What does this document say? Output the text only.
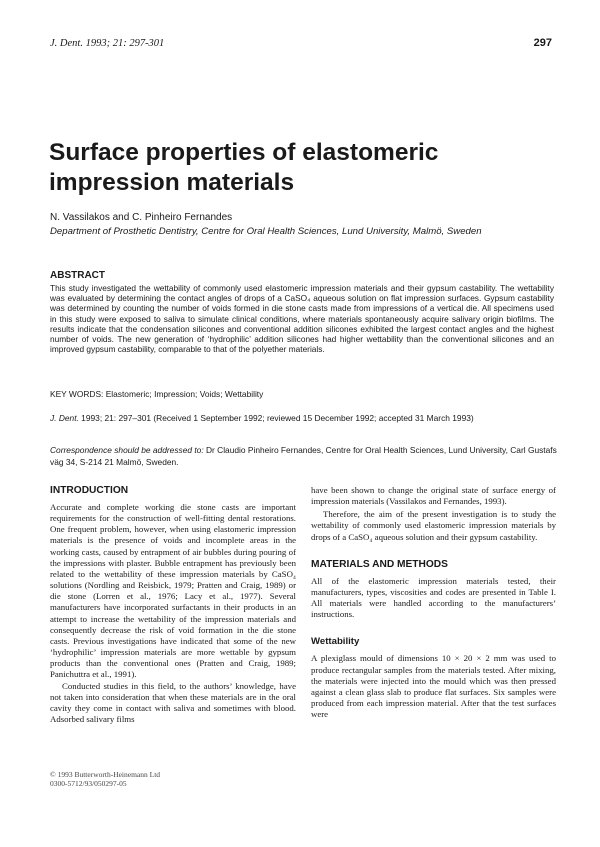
J. Dent. 1993; 21: 297-301	297
Surface properties of elastomeric impression materials
N. Vassilakos and C. Pinheiro Fernandes
Department of Prosthetic Dentistry, Centre for Oral Health Sciences, Lund University, Malmö, Sweden
ABSTRACT

This study investigated the wettability of commonly used elastomeric impression materials and their gypsum castability. The wettability was evaluated by determining the contact angles of drops of a CaSO₄ aqueous solution on flat impression surfaces. Gypsum castability was determined by counting the number of voids formed in die stone casts made from impressions of a vertical die. All specimens used in this study were exposed to saliva to simulate clinical conditions, where materials spontaneously acquire salivary origin biofilms. The results indicate that the condensation silicones and conventional addition silicones exhibited the largest contact angles and the highest number of voids. The new generation of ‘hydrophilic’ addition silicones had higher wettability than the conventional silicones and an improved gypsum castability, comparable to that of the polyether materials.

KEY WORDS: Elastomeric; Impression; Voids; Wettability

J. Dent. 1993; 21: 297–301 (Received 1 September 1992; reviewed 15 December 1992; accepted 31 March 1993)

Correspondence should be addressed to: Dr Claudio Pinheiro Fernandes, Centre for Oral Health Sciences, Lund University, Carl Gustafs väg 34, S-214 21 Malmö, Sweden.

INTRODUCTION

Accurate and complete working die stone casts are important requirements for the construction of well-fitting dental restorations. One frequent problem, however, when using elastomeric impression materials is the presence of voids and incomplete areas in the working casts, caused by entrapment of air bubbles during pouring of the impressions with plaster. Bubble entrapment has previously been related to the wettability of these impression materials by CaSO₄ solutions (Nordling and Reisbick, 1979; Pratten and Craig, 1989) or die stone (Lorren et al., 1976; Lacy et al., 1977). Several manufacturers have incorporated surfactants in their products in an attempt to increase the wettability of the impression materials and consequently decrease the risk of void formation in the die stone casts. Previous investigations have indicated that some of the new ‘hydrophilic’ impression materials are more wettable by gypsum products than the conventional ones (Pratten and Craig, 1989; Panichuttra et al., 1991).

Conducted studies in this field, to the authors’ knowledge, have not taken into consideration that when these materials are in the oral cavity they come in contact with saliva and sometimes with blood. Adsorbed salivary films

have been shown to change the original state of surface energy of impression materials (Vassilakos and Fernandes, 1993).

Therefore, the aim of the present investigation is to study the wettability of commonly used elastomeric impression materials by drops of a CaSO₄ aqueous solution and their gypsum castability.

MATERIALS AND METHODS

All of the elastomeric impression materials tested, their manufacturers, types, viscosities and codes are presented in Table I. All materials were handled according to the manufacturers’ instructions.

Wettability

A plexiglass mould of dimensions 10 × 20 × 2 mm was used to produce rectangular samples from the materials tested. After mixing, the materials were injected into the mould which was then pressed against a clean glass slab to produce flat surfaces. Six samples were produced from each impression material. After that the test surfaces were

© 1993 Butterworth-Heinemann Ltd
0300-5712/93/050297-05
